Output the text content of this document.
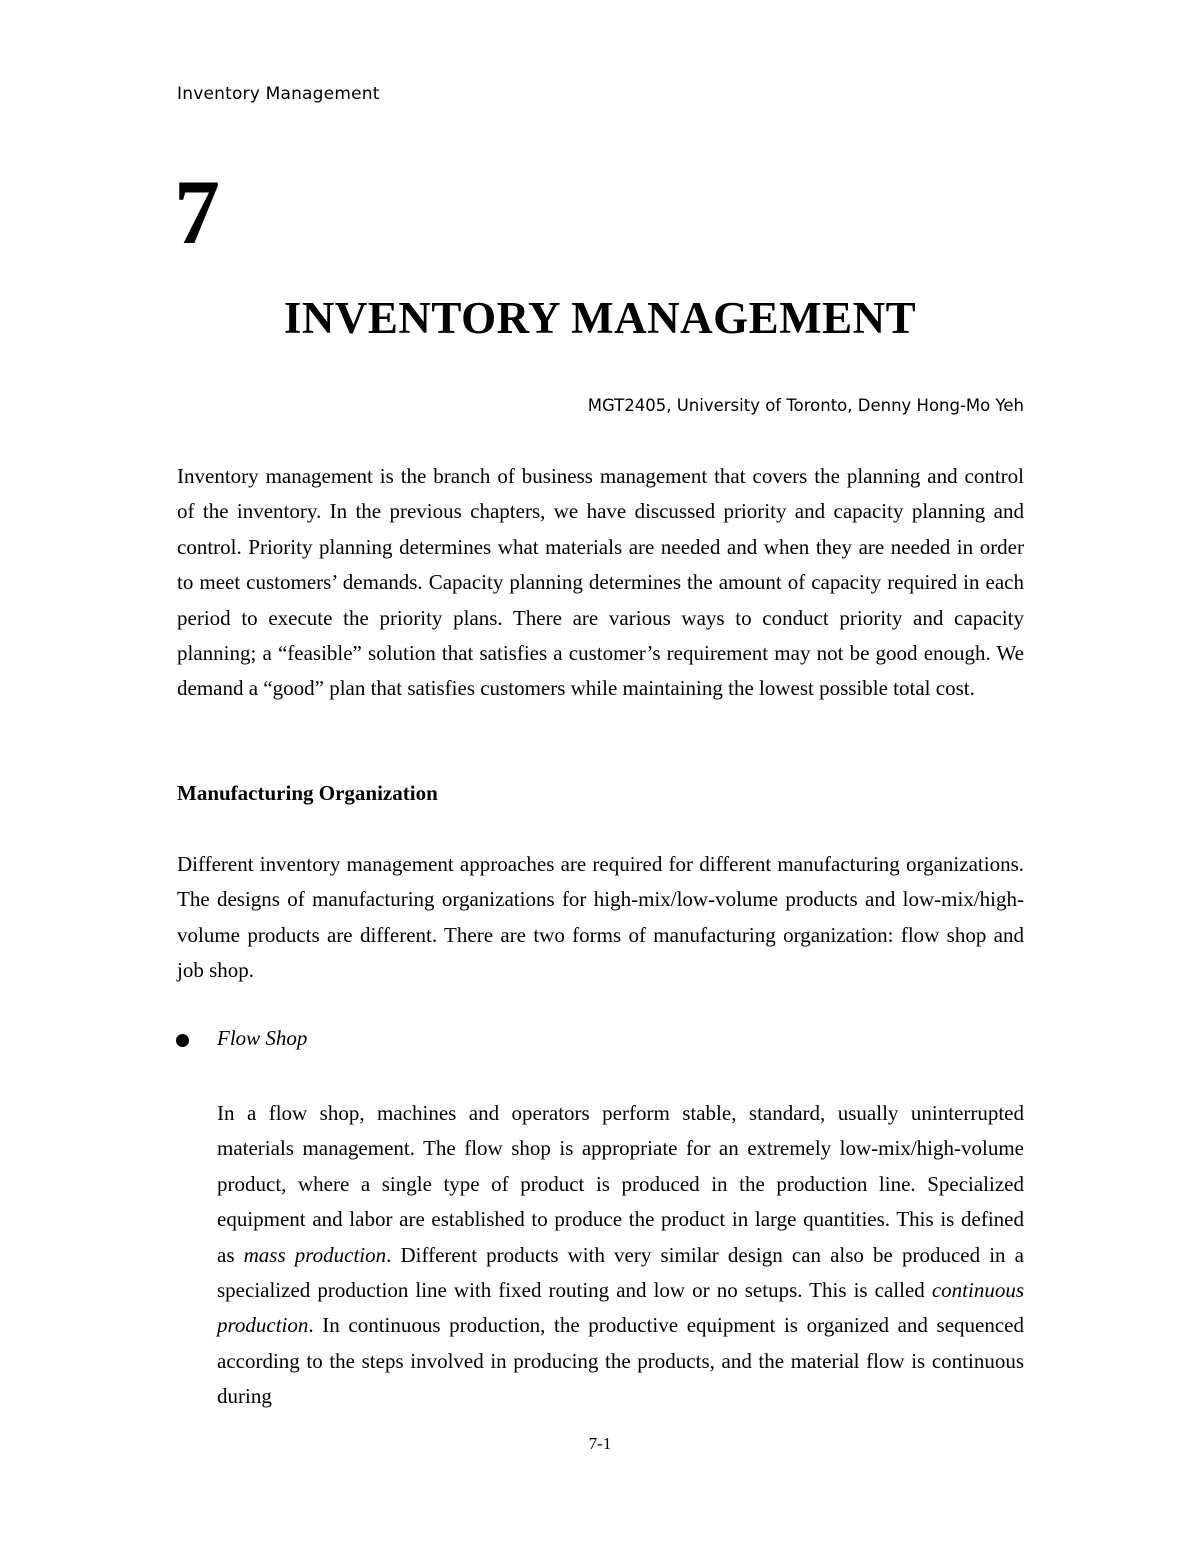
Inventory Management
7
INVENTORY MANAGEMENT
MGT2405, University of Toronto, Denny Hong-Mo Yeh

Inventory management is the branch of business management that covers the planning and control of the inventory. In the previous chapters, we have discussed priority and capacity planning and control. Priority planning determines what materials are needed and when they are needed in order to meet customers’ demands. Capacity planning determines the amount of capacity required in each period to execute the priority plans. There are various ways to conduct priority and capacity planning; a “feasible” solution that satisfies a customer’s requirement may not be good enough. We demand a “good” plan that satisfies customers while maintaining the lowest possible total cost.

Manufacturing Organization

Different inventory management approaches are required for different manufacturing organizations. The designs of manufacturing organizations for high-mix/low-volume products and low-mix/high-volume products are different. There are two forms of manufacturing organization: flow shop and job shop.

Flow Shop

In a flow shop, machines and operators perform stable, standard, usually uninterrupted materials management. The flow shop is appropriate for an extremely low-mix/high-volume product, where a single type of product is produced in the production line. Specialized equipment and labor are established to produce the product in large quantities. This is defined as mass production. Different products with very similar design can also be produced in a specialized production line with fixed routing and low or no setups. This is called continuous production. In continuous production, the productive equipment is organized and sequenced according to the steps involved in producing the products, and the material flow is continuous during

7-1
